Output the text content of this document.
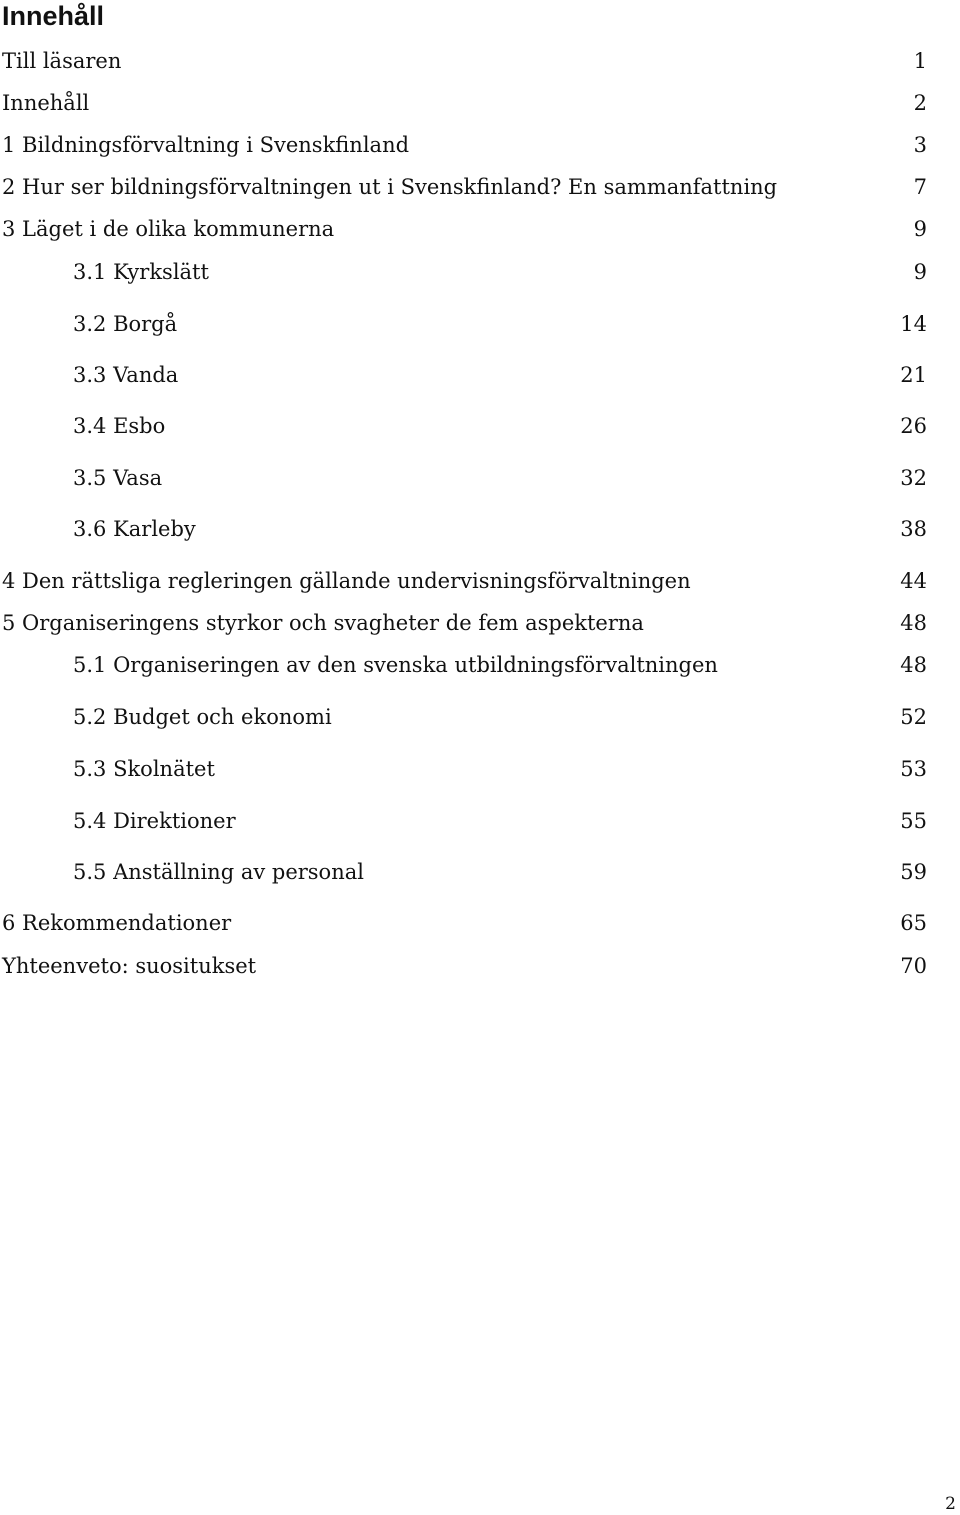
Innehåll
Till läsaren	1
Innehåll	2
1 Bildningsförvaltning i Svenskfinland	3
2 Hur ser bildningsförvaltningen ut i Svenskfinland? En sammanfattning	7
3 Läget i de olika kommunerna	9
3.1 Kyrkslätt	9
3.2 Borgå	14
3.3 Vanda	21
3.4 Esbo	26
3.5 Vasa	32
3.6 Karleby	38
4 Den rättsliga regleringen gällande undervisningsförvaltningen	44
5 Organiseringens styrkor och svagheter de fem aspekterna	48
5.1 Organiseringen av den svenska utbildningsförvaltningen	48
5.2 Budget och ekonomi	52
5.3 Skolnätet	53
5.4 Direktioner	55
5.5 Anställning av personal	59
6 Rekommendationer	65
Yhteenveto: suositukset	70
2
